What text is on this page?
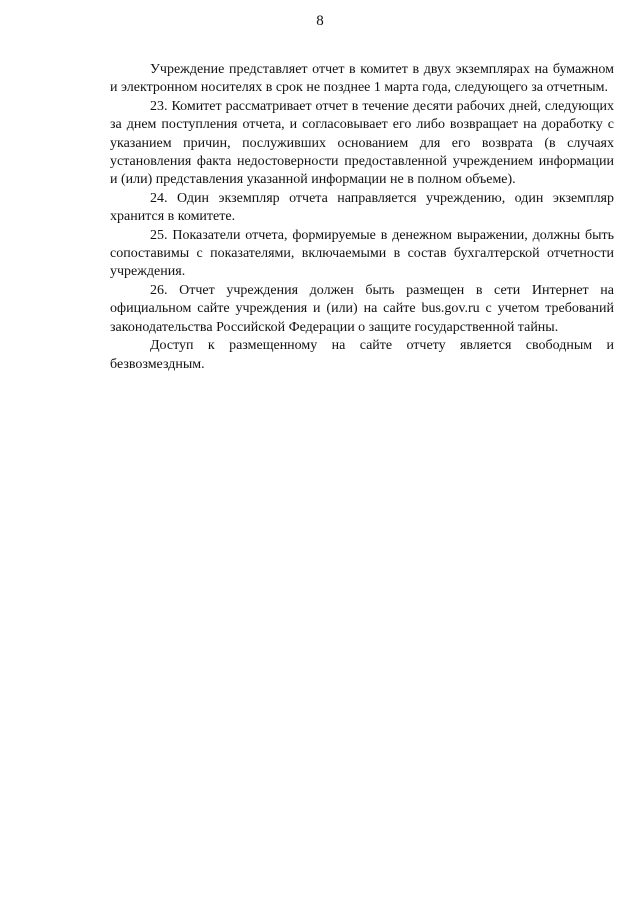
8

Учреждение представляет отчет в комитет в двух экземплярах на бумажном и электронном носителях в срок не позднее 1 марта года, следующего за отчетным.

23. Комитет рассматривает отчет в течение десяти рабочих дней, следующих за днем поступления отчета, и согласовывает его либо возвращает на доработку с указанием причин, послуживших основанием для его возврата (в случаях установления факта недостоверности предоставленной учреждением информации и (или) представления указанной информации не в полном объеме).

24. Один экземпляр отчета направляется учреждению, один экземпляр хранится в комитете.

25. Показатели отчета, формируемые в денежном выражении, должны быть сопоставимы с показателями, включаемыми в состав бухгалтерской отчетности учреждения.

26. Отчет учреждения должен быть размещен в сети Интернет на официальном сайте учреждения и (или) на сайте bus.gov.ru с учетом требований законодательства Российской Федерации о защите государственной тайны.

Доступ к размещенному на сайте отчету является свободным и безвозмездным.
